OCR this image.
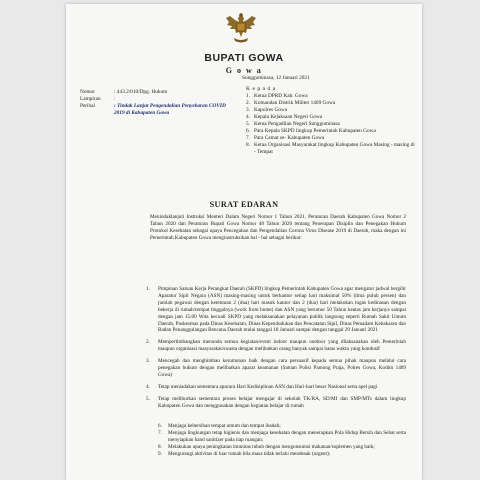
BUPATI GOWA
G o w a
Sungguminasa, 12 Januari 2021
K e p a d a
Nomor	: 443.2/010/Dpg. Hukum
Lampiran	:
Perihal	: Tindak Lanjut Pengendalian Penyebaran COVID 2019 di Kabupaten Gowa
1. Ketua DPRD Kab. Gowa
2. Komandan Distrik Militer 1409 Gowa
3. Kapolres Gowa
4. Kepala Kejaksaan Negeri Gowa
5. Ketua Pengadilan Negeri Sungguminasa
6. Para Kepala SKPD lingkup Pemerintah Kabupaten Gowa
7. Para Camat se- Kabupaten Gowa
8. Ketua Organisasi Masyarakat lingkup Kabupaten Gowa Masing - masing di - Tempat
SURAT EDARAN

Menindaklanjuti Instruksi Menteri Dalam Negeri Nomor 1 Tahun 2021, Peraturan Daerah Kabupaten Gowa Nomor 2 Tahun 2020 dan Peraturan Bupati Gowa Nomor 48 Tahun 2020 tentang Penerapan Disiplin dan Penegakan Hukum Protokol Kesehatan sebagai upaya Pencegahan dan Pengendalian Corona Virus Disease 2019 di Daerah, maka dengan ini Pemerintah Kabupaten Gowa menginstruksikan hal - hal sebagai berikut:

1.	Pimpinan Satuan Kerja Perangkat Daerah (SKPD) lingkup Pemerintah Kabupaten Gowa agar mengatur jadwal bergilir Aparatur Sipil Negara (ASN) masing-masing untuk berkantor setiap hari maksimal 50% (lima puluh persen) dan jumlah pegawai dengan ketentuan 2 (dua) hari masuk kantor dan 2 (dua) hari melakukan tugas kedinasan dengan bekerja di rumah/tempat tinggalnya (work from home) dan ASN yang berumur 50 Tahun keatas jam kerjanya sampai dengan jam 15:00 Wita kecuali SKPD yang melaksanakan pelayanan publik langsung seperti Rumah Sakit Umum Daerah, Puskesmas pada Dinas Kesehatan, Dinas Kependudukan dan Pencatatan Sipil, Dinas Pemadam Kebakaran dan Badan Penanggulangan Bencana Daerah mulai tanggal 18 Januari sampai dengan tanggal 29 Januari 2021
2.	Mempertimbangkan menunda semua kegiatan/event indoor maupun outdoor yang dilaksanakan oleh Pemerintah maupun organisasi masyarakat/swasta dengan melibatkan orang banyak sampai batas waktu yang kondusif
3.	Mencegah dan menghimbau kerumunan baik dengan cara persuasif kepada semua pihak maupun melalui cara penegakan hukum dengan melibatkan aparat keamanan (Satuan Polisi Pamong Praja, Polres Gowa, Kodim 1409 Gowa)
4.	Tetap meniadakan sementara apacara Hari Kedisiplinan ASN dan Hari-hari besar Nasional serta apel pagi
5.	Tetap meliburkan sementara proses belajar mengajar di sekolah TK/RA, SD/MI dan SMP/MTs dalam lingkup Kabupaten Gowa dan menggunakan dengan kegiatan belajar di rumah
6.	Menjaga kebersihan tempat umum dan tempat ibadah;
7.	Menjaga lingkungan tetap higienis dan menjaga kesehatan dengan menerapkan Pola Hidup Bersih dan Sehat serta menyiapkan hand sanitizer pada tiap ruangan;
8.	Melakukan upaya peningkatan imunitas tubuh dengan mengonsumsi makanan/suplemen yang baik;
9.	Mengurangi aktivitas di luar rumah bila masa tidak terlalu mendesak (urgent);
